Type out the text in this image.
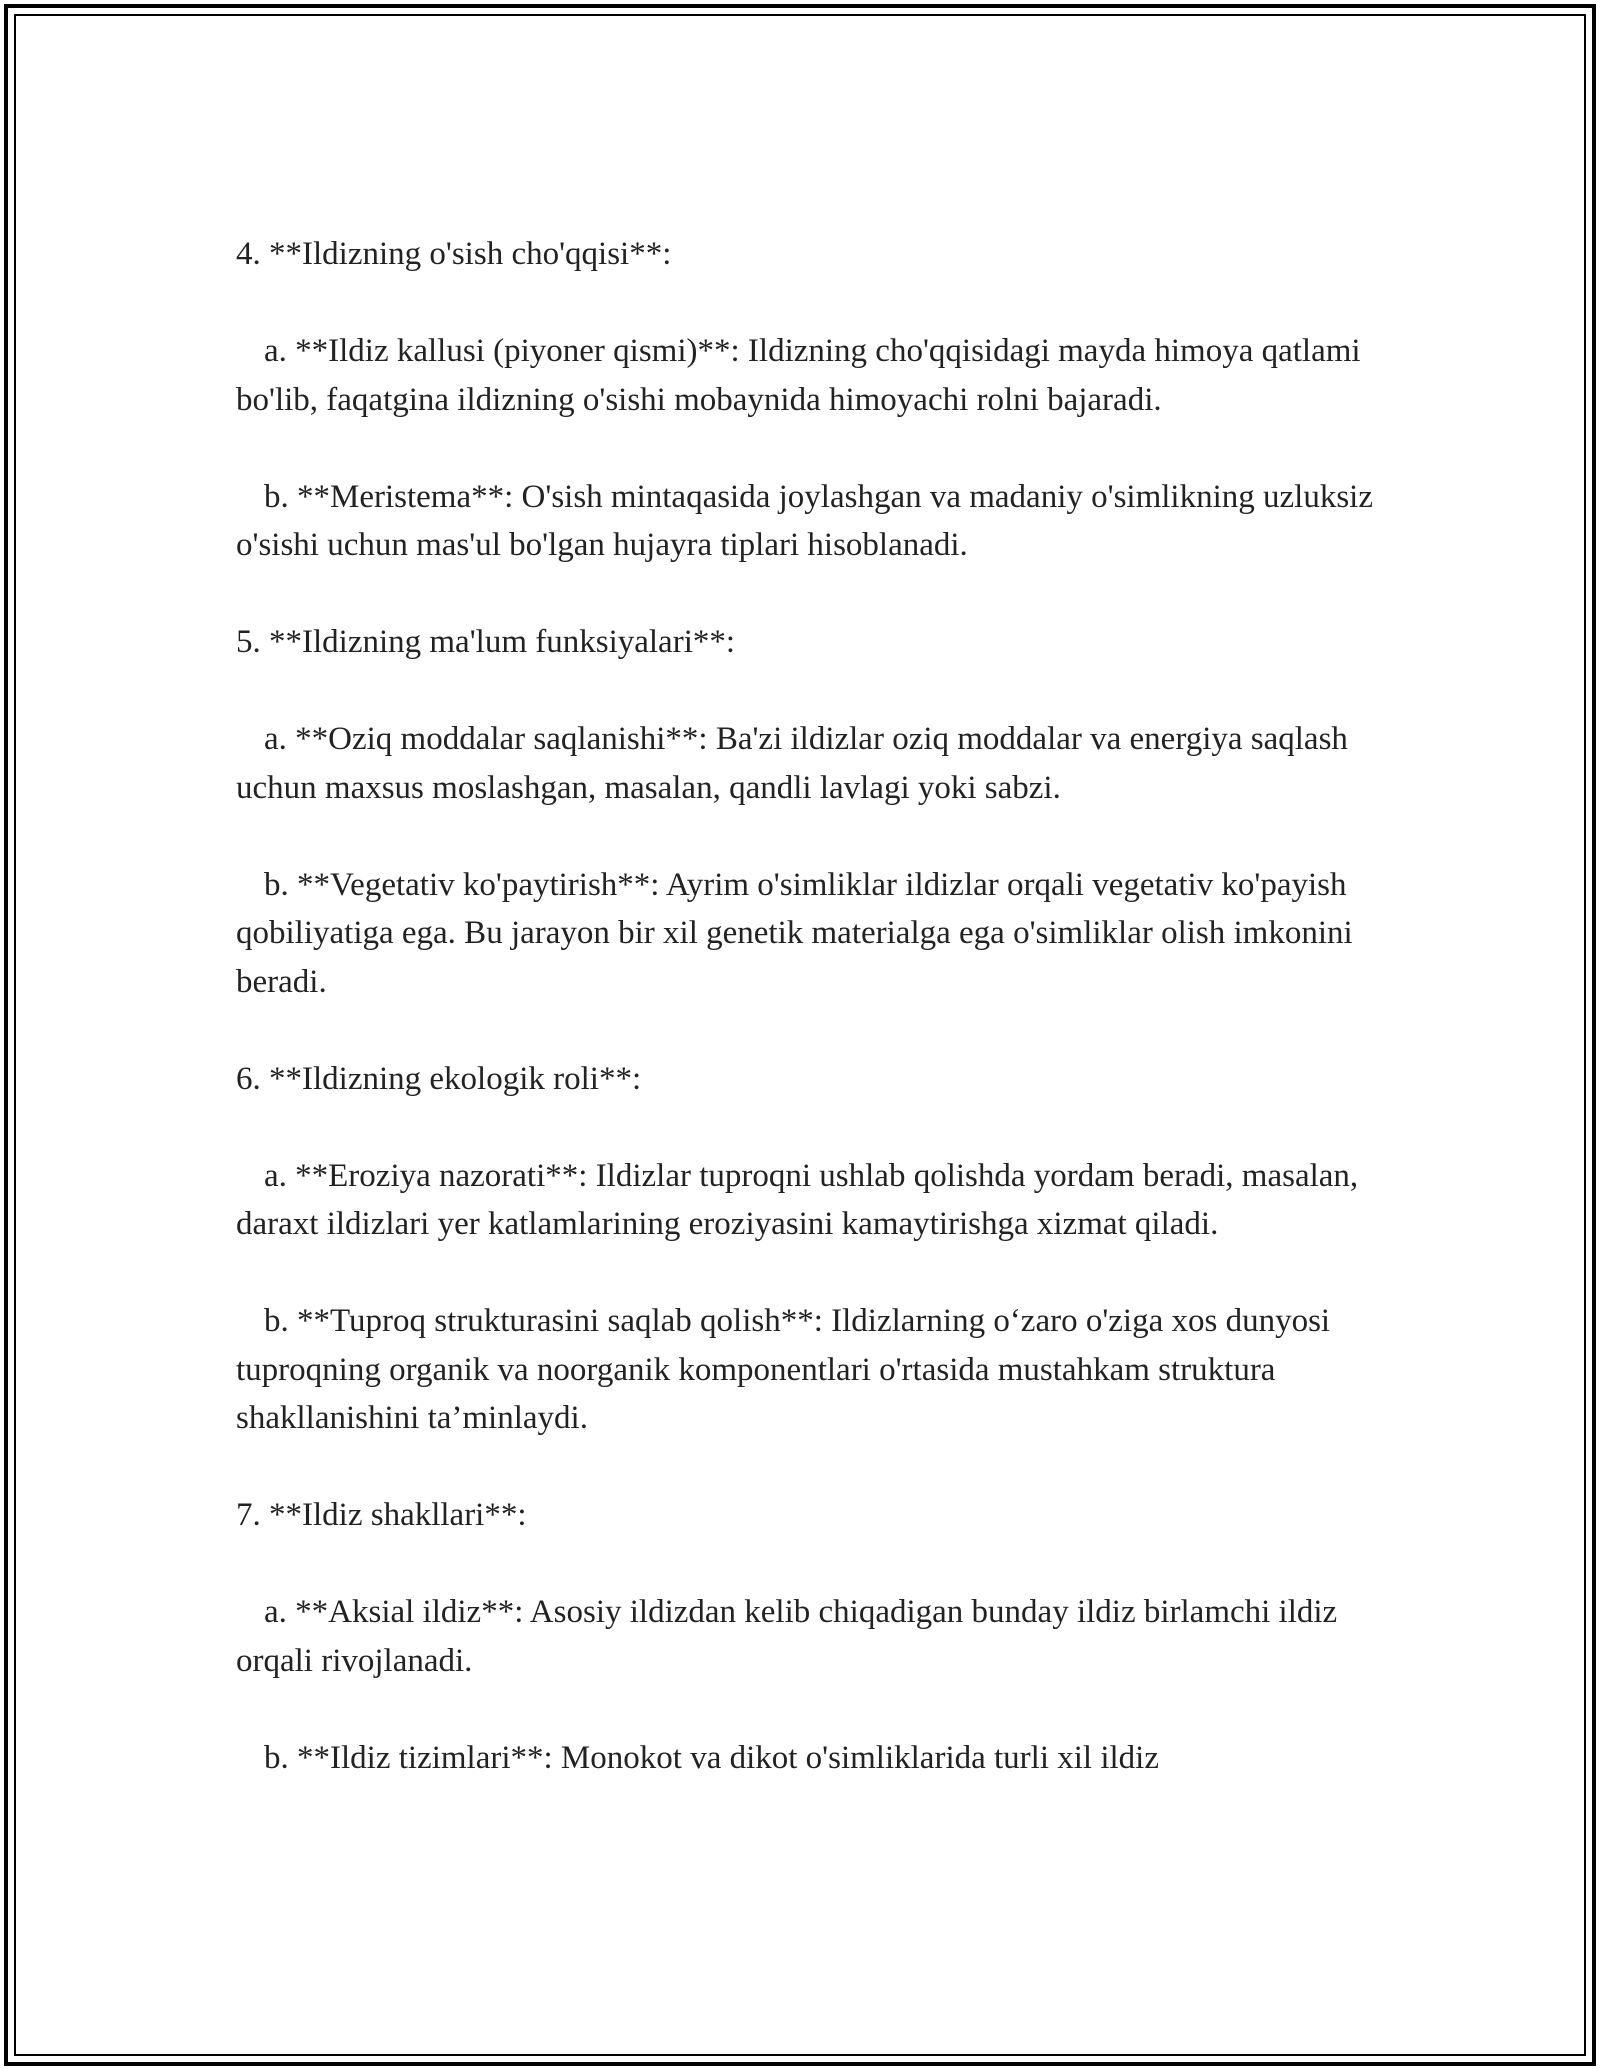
4. **Ildizning o'sish cho'qqisi**:

a. **Ildiz kallusi (piyoner qismi)**: Ildizning cho'qqisidagi mayda himoya qatlami bo'lib, faqatgina ildizning o'sishi mobaynida himoyachi rolni bajaradi.

b. **Meristema**: O'sish mintaqasida joylashgan va madaniy o'simlikning uzluksiz o'sishi uchun mas'ul bo'lgan hujayra tiplari hisoblanadi.

5. **Ildizning ma'lum funksiyalari**:

a. **Oziq moddalar saqlanishi**: Ba'zi ildizlar oziq moddalar va energiya saqlash uchun maxsus moslashgan, masalan, qandli lavlagi yoki sabzi.

b. **Vegetativ ko'paytirish**: Ayrim o'simliklar ildizlar orqali vegetativ ko'payish qobiliyatiga ega. Bu jarayon bir xil genetik materialga ega o'simliklar olish imkonini beradi.

6. **Ildizning ekologik roli**:

a. **Eroziya nazorati**: Ildizlar tuproqni ushlab qolishda yordam beradi, masalan, daraxt ildizlari yer katlamlarining eroziyasini kamaytirishga xizmat qiladi.

b. **Tuproq strukturasini saqlab qolish**: Ildizlarning o‘zaro o'ziga xos dunyosi tuproqning organik va noorganik komponentlari o'rtasida mustahkam struktura shakllanishini ta’minlaydi.

7. **Ildiz shakllari**:

a. **Aksial ildiz**: Asosiy ildizdan kelib chiqadigan bunday ildiz birlamchi ildiz orqali rivojlanadi.

b. **Ildiz tizimlari**: Monokot va dikot o'simliklarida turli xil ildiz
